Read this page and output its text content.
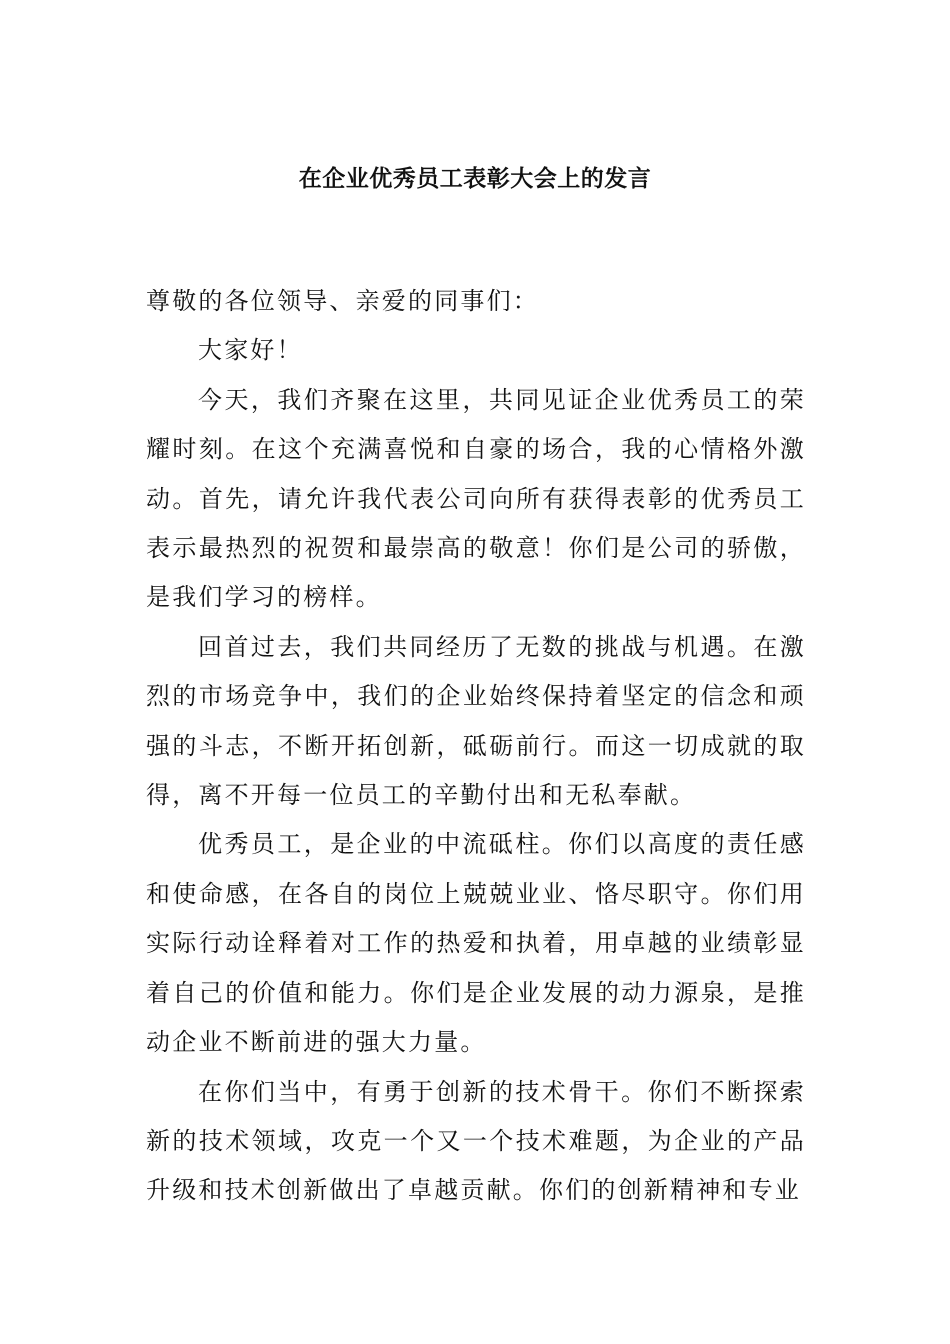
在企业优秀员工表彰大会上的发言

尊敬的各位领导、亲爱的同事们：

大家好！

今天，我们齐聚在这里，共同见证企业优秀员工的荣耀时刻。在这个充满喜悦和自豪的场合，我的心情格外激动。首先，请允许我代表公司向所有获得表彰的优秀员工表示最热烈的祝贺和最崇高的敬意！你们是公司的骄傲，是我们学习的榜样。

回首过去，我们共同经历了无数的挑战与机遇。在激烈的市场竞争中，我们的企业始终保持着坚定的信念和顽强的斗志，不断开拓创新，砥砺前行。而这一切成就的取得，离不开每一位员工的辛勤付出和无私奉献。

优秀员工，是企业的中流砥柱。你们以高度的责任感和使命感，在各自的岗位上兢兢业业、恪尽职守。你们用实际行动诠释着对工作的热爱和执着，用卓越的业绩彰显着自己的价值和能力。你们是企业发展的动力源泉，是推动企业不断前进的强大力量。

在你们当中，有勇于创新的技术骨干。你们不断探索新的技术领域，攻克一个又一个技术难题，为企业的产品升级和技术创新做出了卓越贡献。你们的创新精神和专业
